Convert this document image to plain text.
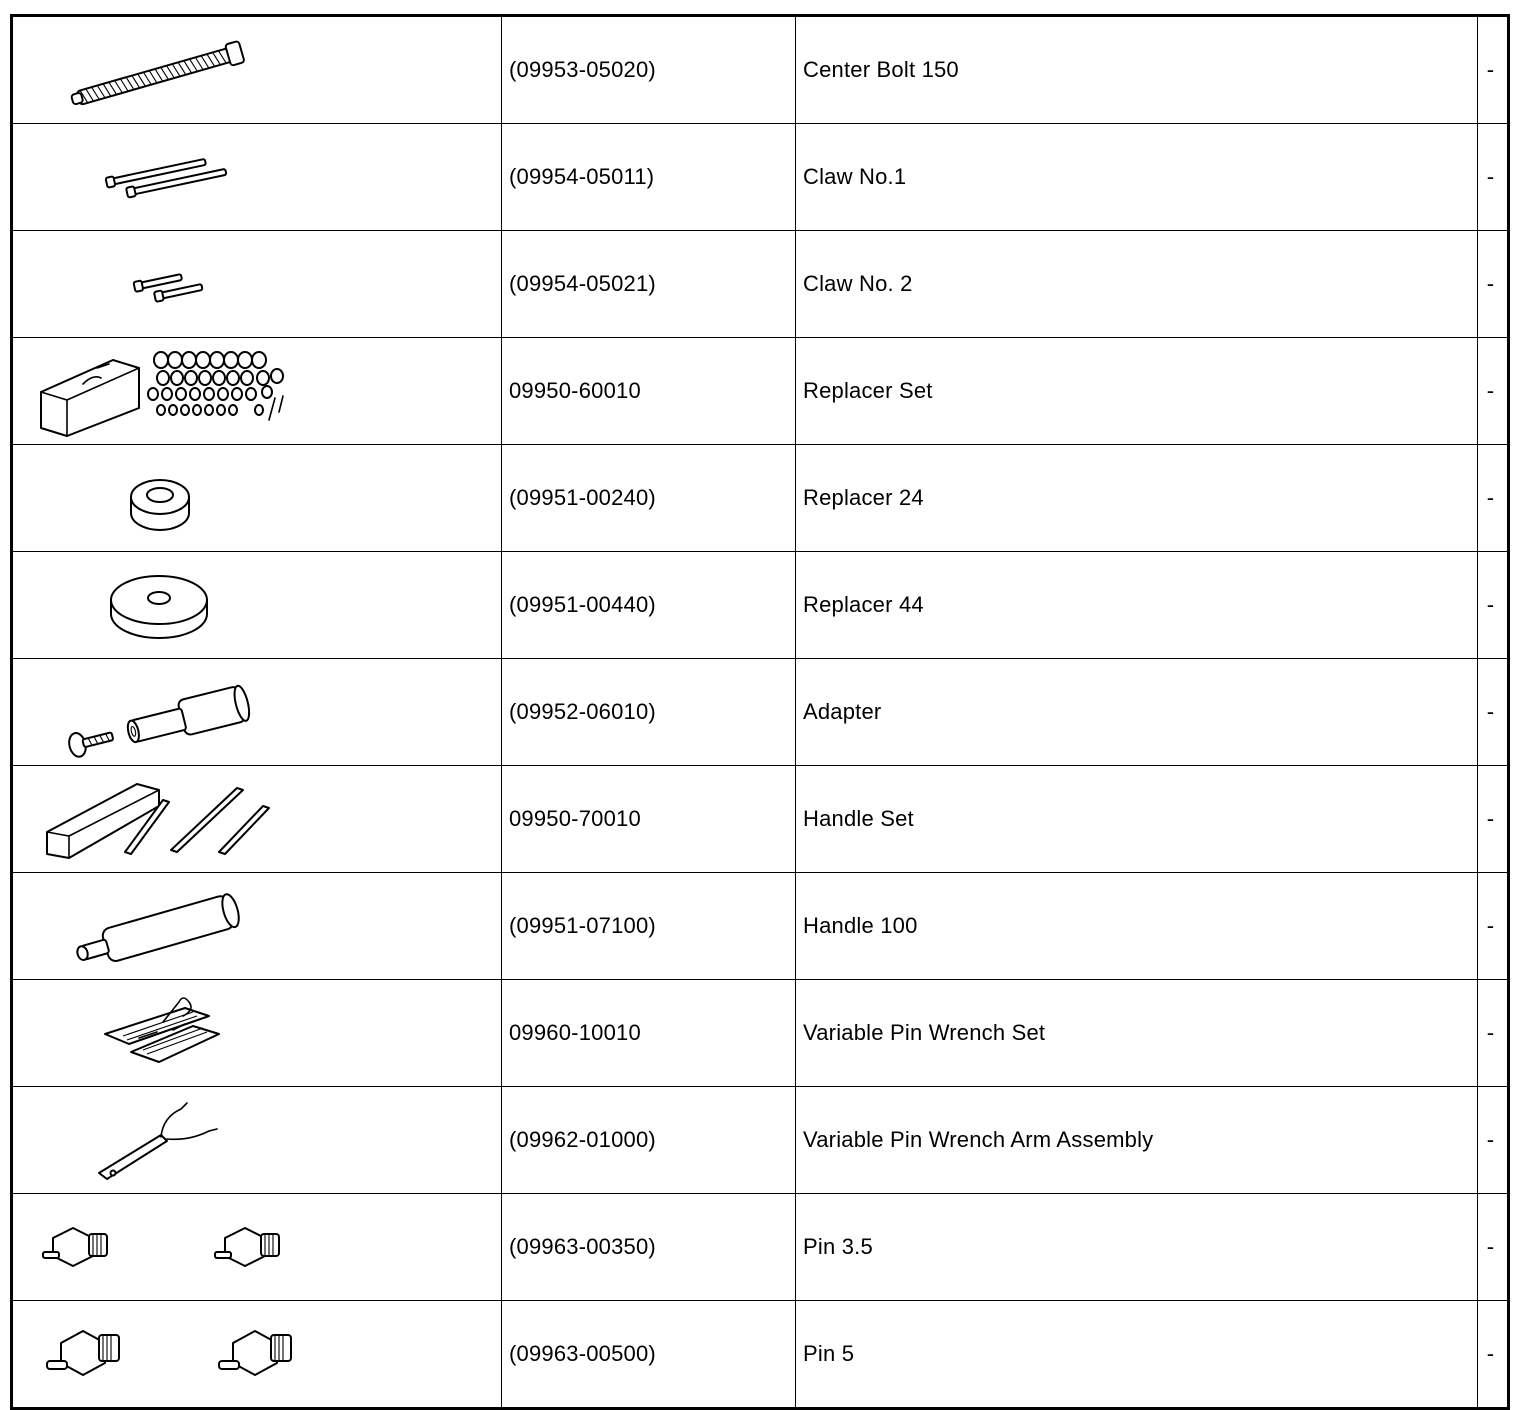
	(09953-05020)	Center Bolt 150	-

	(09954-05011)	Claw No.1	-

	(09954-05021)	Claw No. 2	-

	09950-60010	Replacer Set	-

	(09951-00240)	Replacer 24	-

	(09951-00440)	Replacer 44	-

	(09952-06010)	Adapter	-

	09950-70010	Handle Set	-

	(09951-07100)	Handle 100	-

	09960-10010	Variable Pin Wrench Set	-

	(09962-01000)	Variable Pin Wrench Arm Assembly	-

	(09963-00350)	Pin 3.5	-

	(09963-00500)	Pin 5	-
